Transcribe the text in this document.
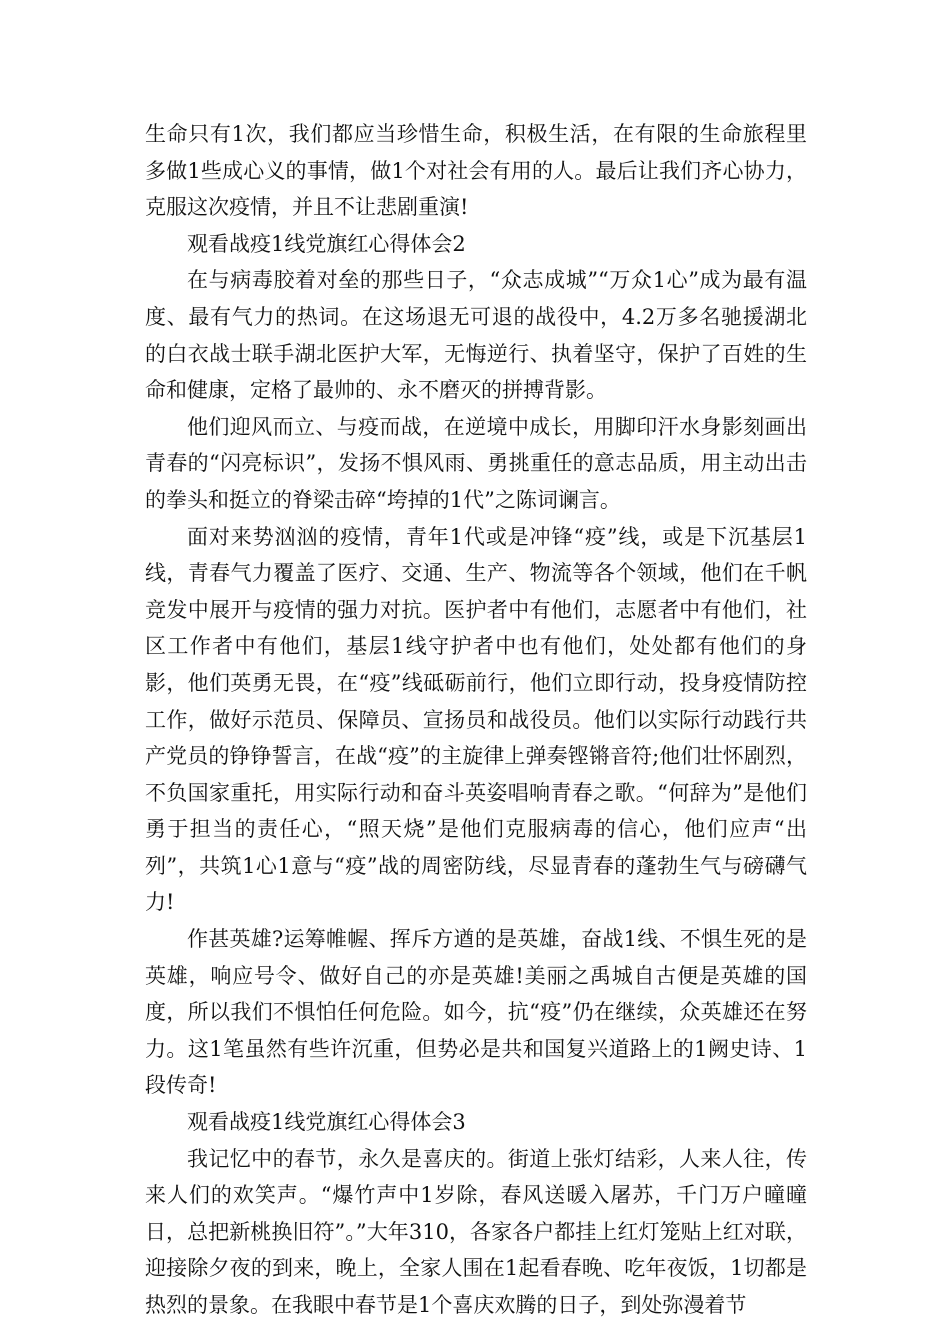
生命只有1次，我们都应当珍惜生命，积极生活，在有限的生命旅程里多做1些成心义的事情，做1个对社会有用的人。最后让我们齐心协力，克服这次疫情，并且不让悲剧重演!

观看战疫1线党旗红心得体会2

在与病毒胶着对垒的那些日子，“众志成城”“万众1心”成为最有温度、最有气力的热词。在这场退无可退的战役中，4.2万多名驰援湖北的白衣战士联手湖北医护大军，无悔逆行、执着坚守，保护了百姓的生命和健康，定格了最帅的、永不磨灭的拼搏背影。

他们迎风而立、与疫而战，在逆境中成长，用脚印汗水身影刻画出青春的“闪亮标识”，发扬不惧风雨、勇挑重任的意志品质，用主动出击的拳头和挺立的脊梁击碎“垮掉的1代”之陈词谰言。

面对来势汹汹的疫情，青年1代或是冲锋“疫”线，或是下沉基层1线，青春气力覆盖了医疗、交通、生产、物流等各个领域，他们在千帆竞发中展开与疫情的强力对抗。医护者中有他们，志愿者中有他们，社区工作者中有他们，基层1线守护者中也有他们，处处都有他们的身影，他们英勇无畏，在“疫”线砥砺前行，他们立即行动，投身疫情防控工作，做好示范员、保障员、宣扬员和战役员。他们以实际行动践行共产党员的铮铮誓言，在战“疫”的主旋律上弹奏铿锵音符;他们壮怀剧烈，不负国家重托，用实际行动和奋斗英姿唱响青春之歌。“何辞为”是他们勇于担当的责任心，“照天烧”是他们克服病毒的信心，他们应声“出列”，共筑1心1意与“疫”战的周密防线，尽显青春的蓬勃生气与磅礴气力!

作甚英雄?运筹帷幄、挥斥方遒的是英雄，奋战1线、不惧生死的是英雄，响应号令、做好自己的亦是英雄!美丽之禹城自古便是英雄的国度，所以我们不惧怕任何危险。如今，抗“疫”仍在继续，众英雄还在努力。这1笔虽然有些许沉重，但势必是共和国复兴道路上的1阙史诗、1段传奇!

观看战疫1线党旗红心得体会3

我记忆中的春节，永久是喜庆的。街道上张灯结彩，人来人往，传来人们的欢笑声。“爆竹声中1岁除，春风送暖入屠苏，千门万户曈曈日，总把新桃换旧符”。”大年310，各家各户都挂上红灯笼贴上红对联，迎接除夕夜的到来，晚上，全家人围在1起看春晚、吃年夜饭，1切都是热烈的景象。在我眼中春节是1个喜庆欢腾的日子，到处弥漫着节
